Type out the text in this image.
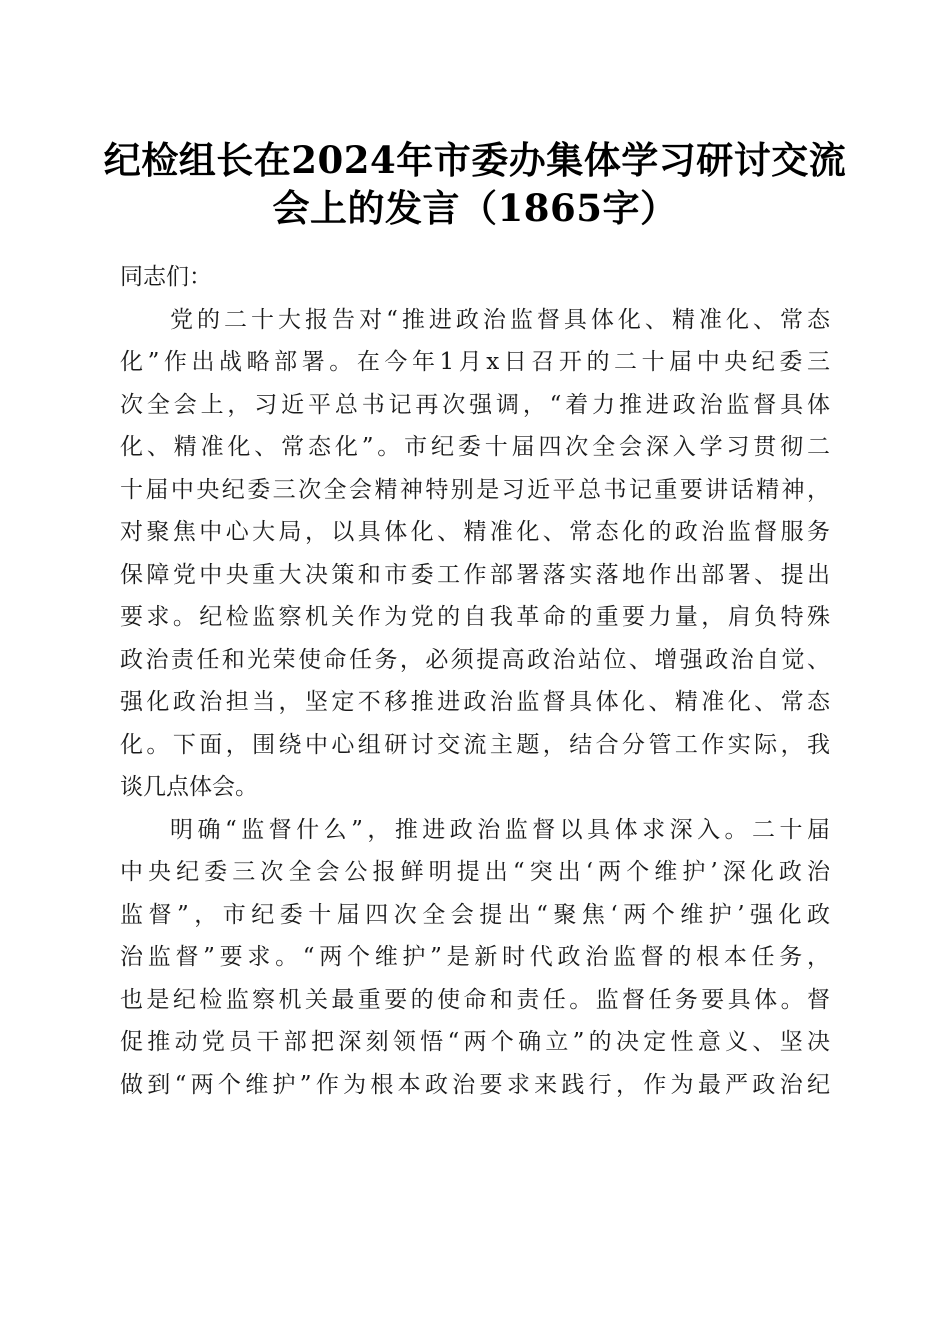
纪检组长在2024年市委办集体学习研讨交流
会上的发言（1865字）

同志们：

党的二十大报告对“推进政治监督具体化、精准化、常态
化”作出战略部署。在今年1月x日召开的二十届中央纪委三
次全会上，习近平总书记再次强调，“着力推进政治监督具体
化、精准化、常态化”。市纪委十届四次全会深入学习贯彻二
十届中央纪委三次全会精神特别是习近平总书记重要讲话精神，
对聚焦中心大局，以具体化、精准化、常态化的政治监督服务
保障党中央重大决策和市委工作部署落实落地作出部署、提出
要求。纪检监察机关作为党的自我革命的重要力量，肩负特殊
政治责任和光荣使命任务，必须提高政治站位、增强政治自觉、
强化政治担当，坚定不移推进政治监督具体化、精准化、常态
化。下面，围绕中心组研讨交流主题，结合分管工作实际，我
谈几点体会。

明确“监督什么”，推进政治监督以具体求深入。二十届
中央纪委三次全会公报鲜明提出“突出‘两个维护’深化政治
监督”，市纪委十届四次全会提出“聚焦‘两个维护’强化政
治监督”要求。“两个维护”是新时代政治监督的根本任务，
也是纪检监察机关最重要的使命和责任。监督任务要具体。督
促推动党员干部把深刻领悟“两个确立”的决定性意义、坚决
做到“两个维护”作为根本政治要求来践行，作为最严政治纪
